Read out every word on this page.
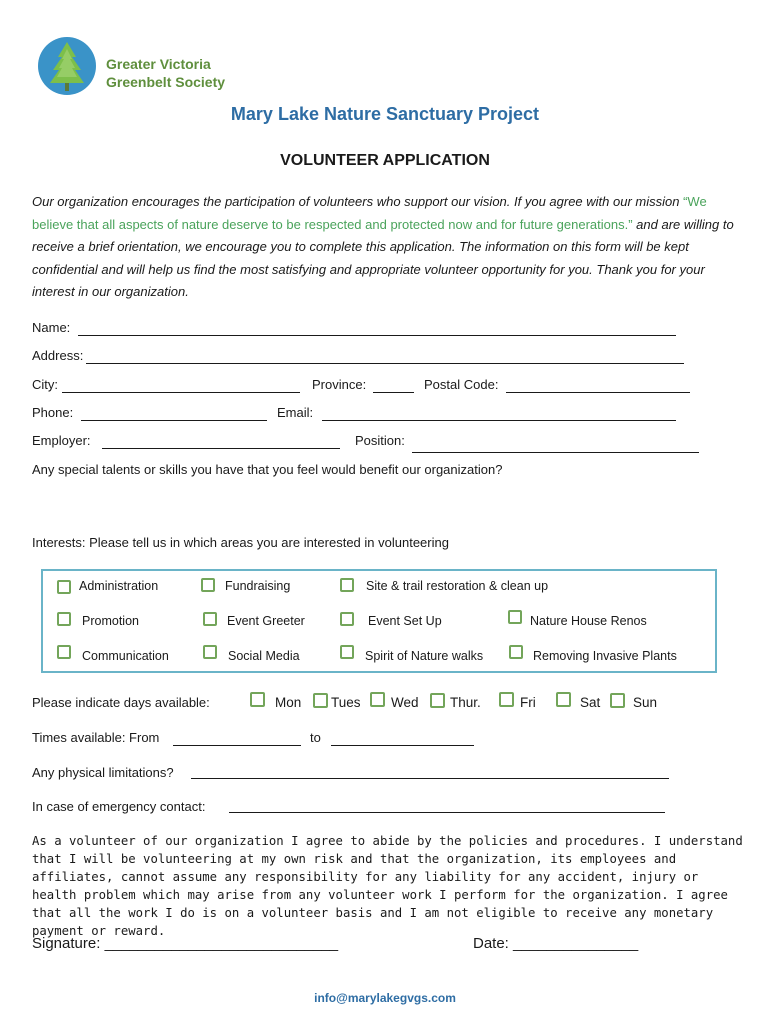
Greater Victoria
Greenbelt Society
Mary Lake Nature Sanctuary Project
VOLUNTEER APPLICATION
Our organization encourages the participation of volunteers who support our vision. If you agree with our mission “We believe that all aspects of nature deserve to be respected and protected now and for future generations.” and are willing to receive a brief orientation, we encourage you to complete this application. The information on this form will be kept confidential and will help us find the most satisfying and appropriate volunteer opportunity for you. Thank you for your interest in our organization.
Name:
Address:
City:	Province:	Postal Code:
Phone:	Email:
Employer:	Position:
Any special talents or skills you have that you feel would benefit our organization?
Interests: Please tell us in which areas you are interested in volunteering
Administration	Fundraising	Site & trail restoration & clean up
Promotion	Event Greeter	Event Set Up	Nature House Renos
Communication	Social Media	Spirit of Nature walks	Removing Invasive Plants
Please indicate days available:	Mon Tues Wed Thur.	Fri	Sat Sun
Times available: From	to
Any physical limitations?
In case of emergency contact:
As a volunteer of our organization I agree to abide by the policies and procedures. I understand that I will be volunteering at my own risk and that the organization, its employees and affiliates, cannot assume any responsibility for any liability for any accident, injury or health problem which may arise from any volunteer work I perform for the organization. I agree that all the work I do is on a volunteer basis and I am not eligible to receive any monetary payment or reward.
Signature: ____________________________	Date: _______________
info@marylakegvgs.com
